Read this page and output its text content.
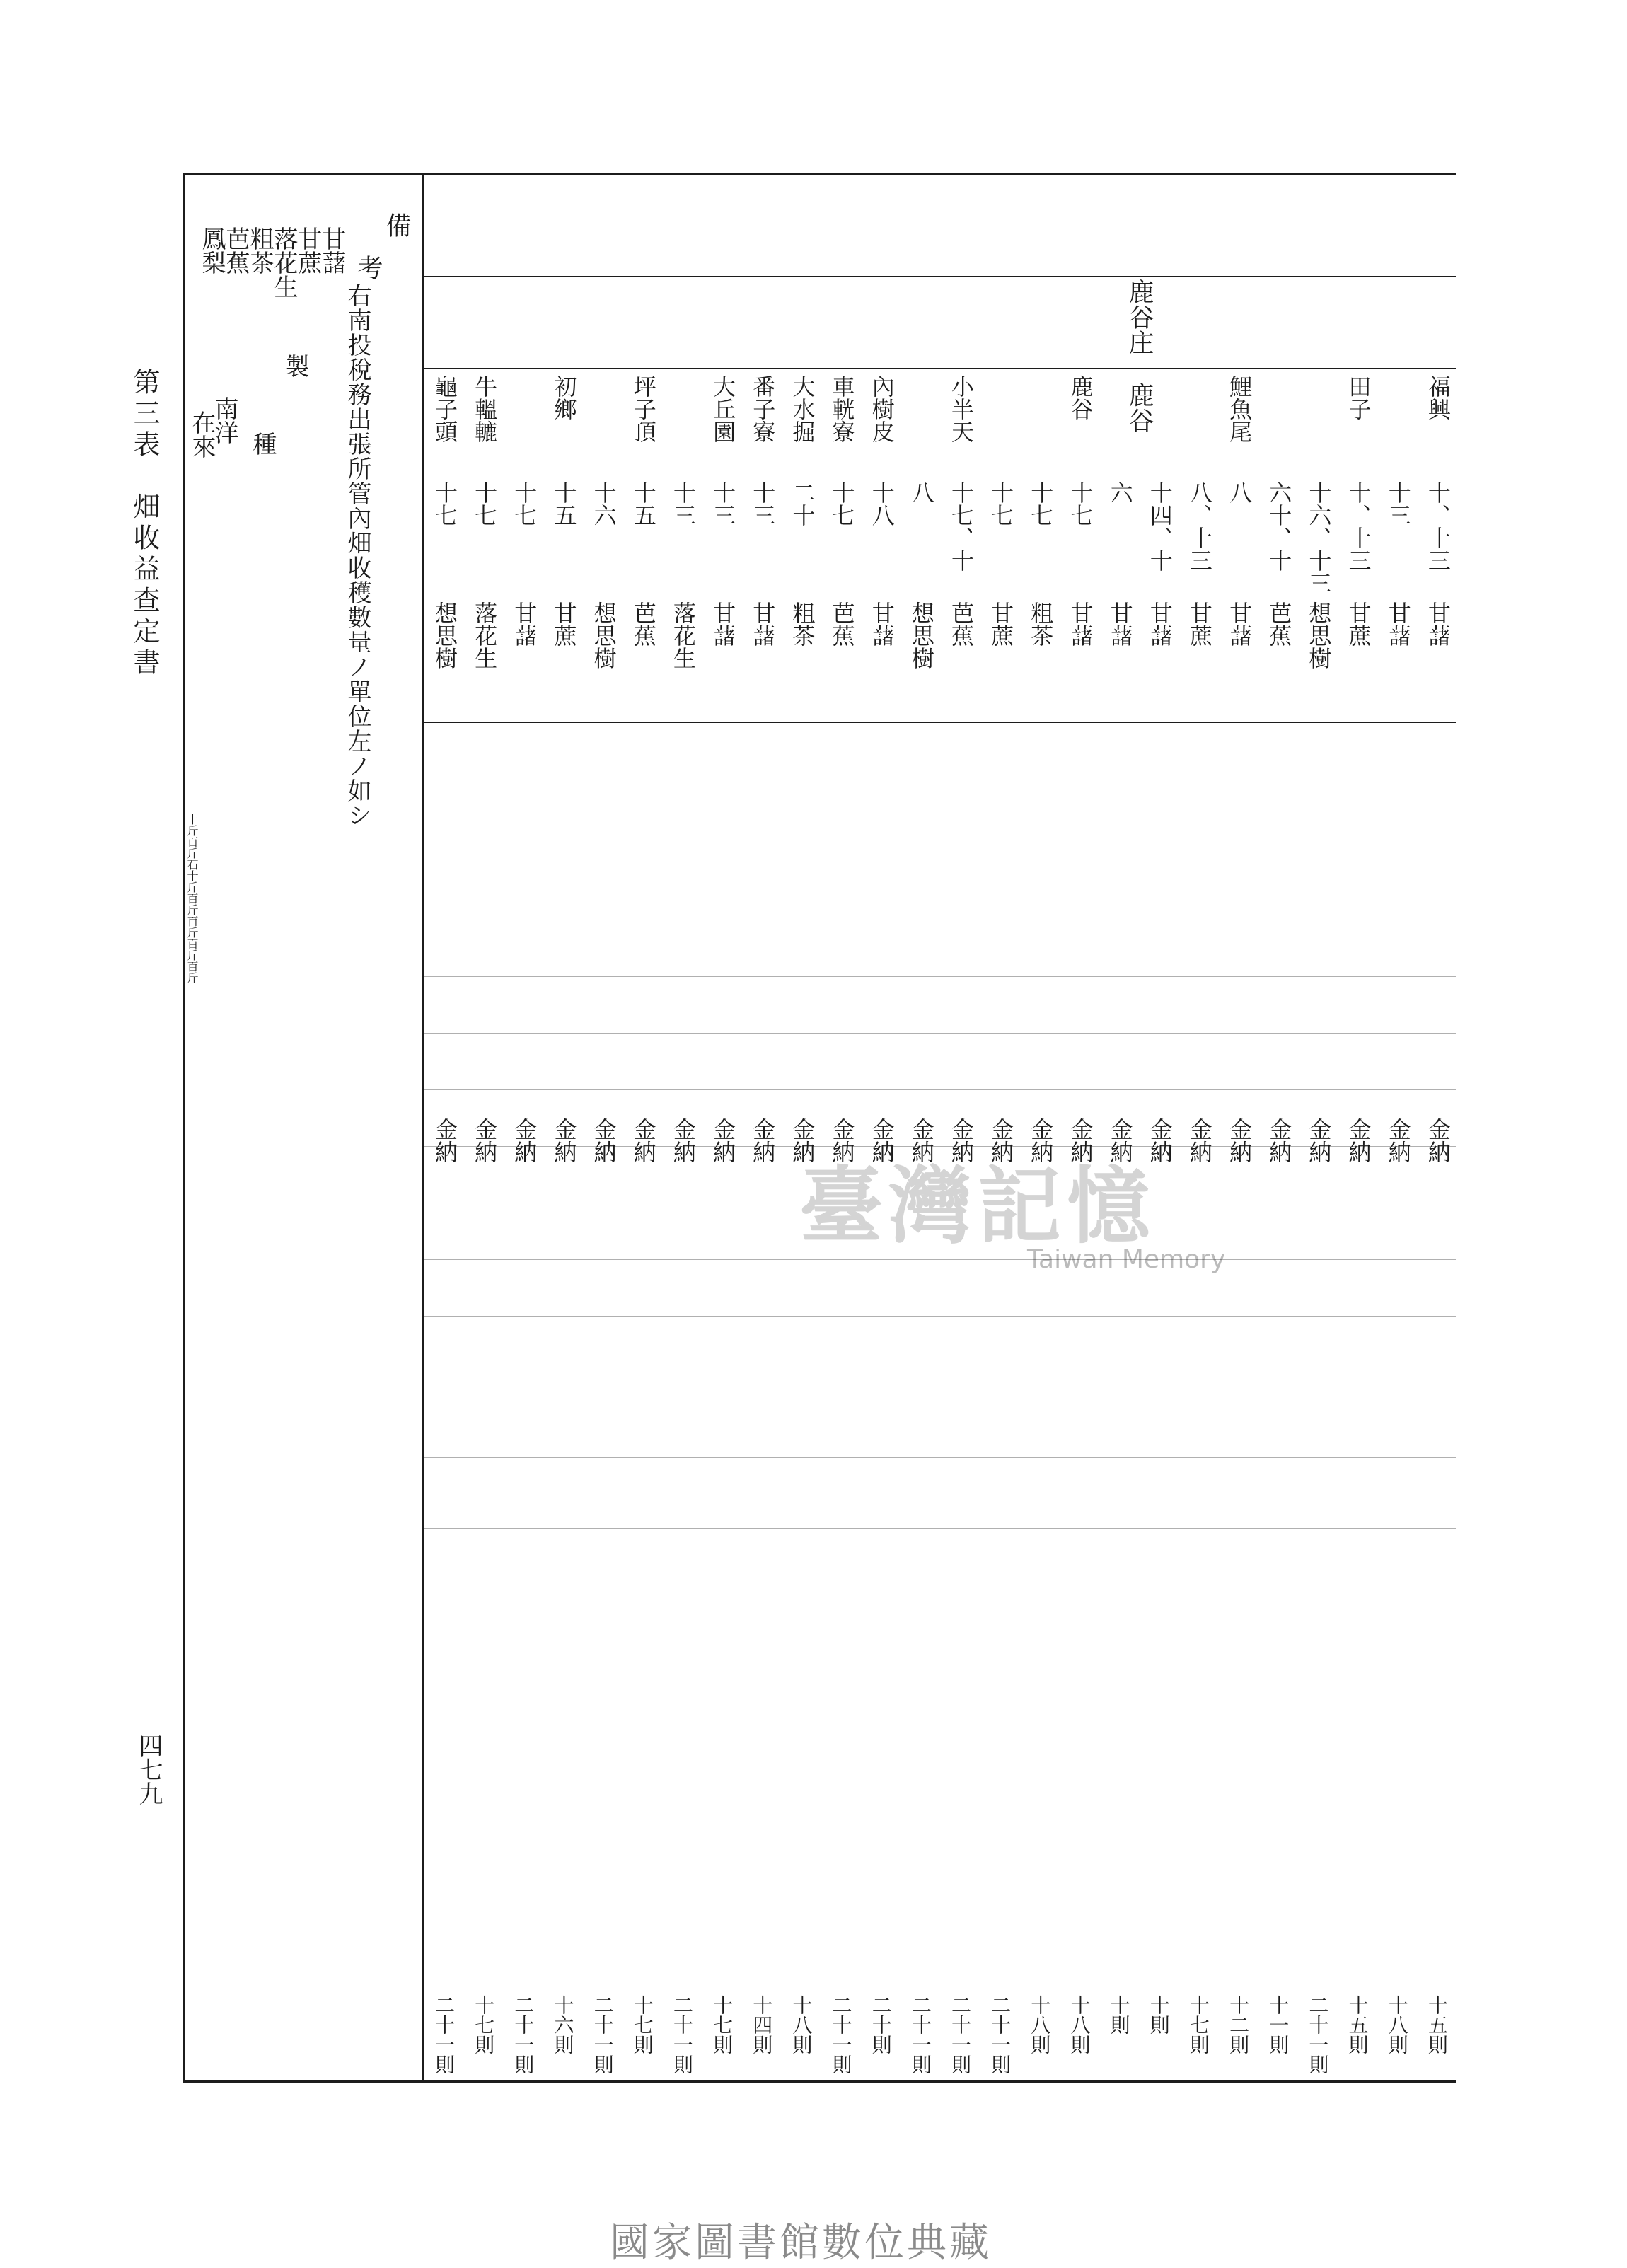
第三表　畑收益查定書
四七九
備
考
右南投稅務出張所管內畑收穫數量ノ單位左ノ如シ
甘藷
甘蔗
落花生
粗茶
芭蕉
鳳梨
製
南洋
在來 種
十斤百斤石十斤百斤百斤百斤百斤
鹿谷庄
鹿谷	福興
十、十三
甘藷
金納
十五則
十三
甘藷
金納
十八則
田子
十、十三
甘蔗
金納
十五則
十六、十三
想思樹
金納
二十一則
六十、十
芭蕉
金納
十一則
鯉魚尾
八
甘藷
金納
十二則
八、十三
甘蔗
金納
十七則
十四、十
甘藷
金納
十則
六
甘藷
金納
十則
鹿谷
十七
甘藷
金納
十八則
十七
粗茶
金納
十八則
十七
甘蔗
金納
二十一則
小半天
十七、十
芭蕉
金納
二十一則
八
想思樹
金納
二十一則
內樹皮
十八
甘藷
金納
二十則
車輄寮
十七
芭蕉
金納
二十一則
大水掘
二十
粗茶
金納
十八則
番子寮
十三
甘藷
金納
十四則
大丘園
十三
甘藷
金納
十七則
十三
落花生
金納
二十一則
坪子頂
十五
芭蕉
金納
十七則
十六
想思樹
金納
二十一則
初鄉
十五
甘蔗
金納
十六則
十七
甘藷
金納
二十一則
牛轀轆
十七
落花生
金納
十七則
龜子頭
十七
想思樹
金納
二十一則
臺灣記憶
Taiwan Memory
國家圖書館數位典藏
